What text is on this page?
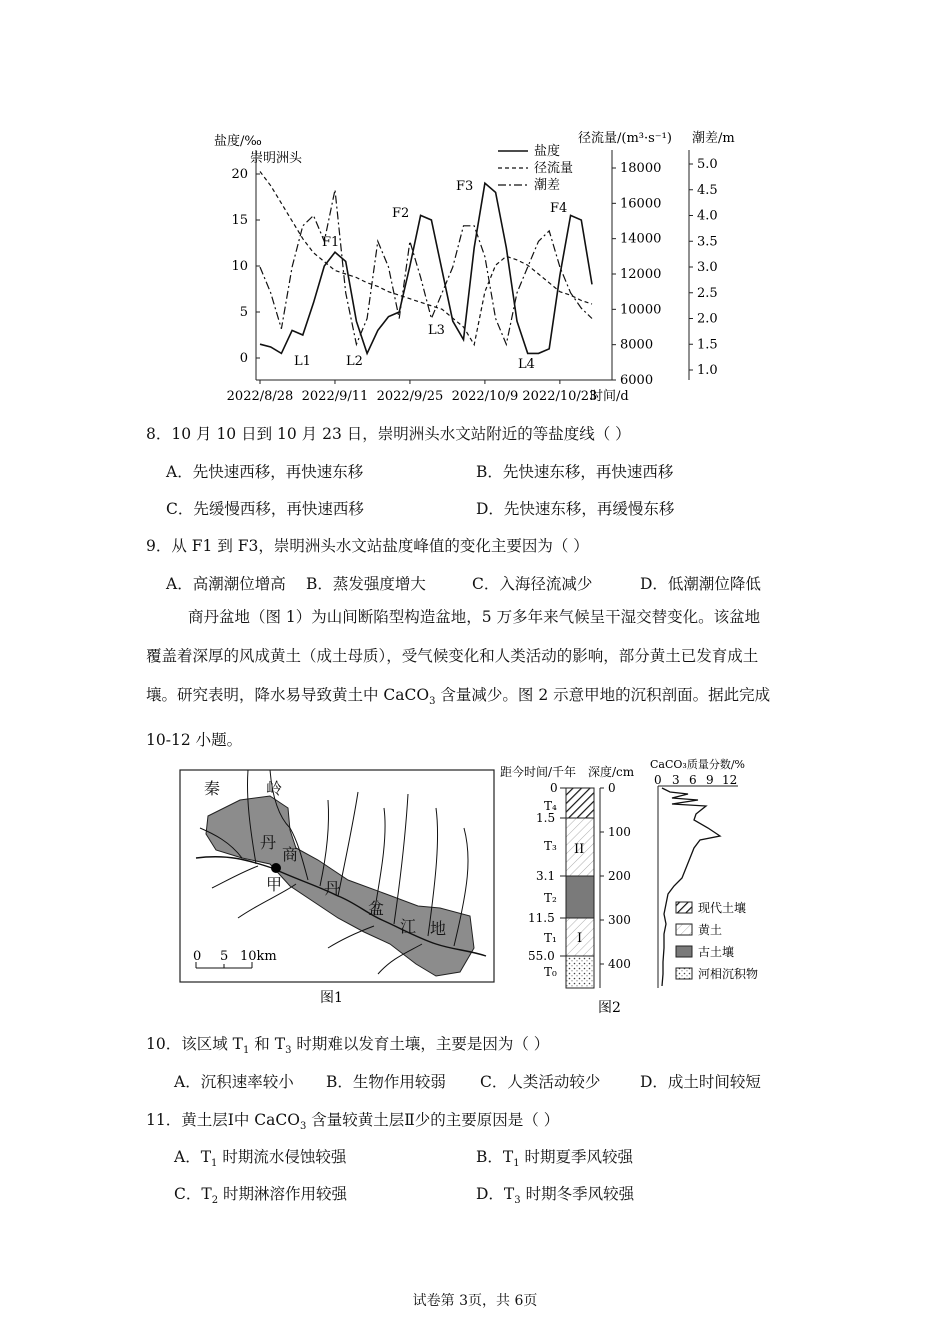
盐度/‰
崇明洲头
径流量/(m³·s⁻¹) 潮差/m
0
5
10
15
20
6000
8000
10000
12000
14000
16000
18000
1.0
1.5
2.0
2.5
3.0
3.5
4.0
4.5
5.0
2022/8/28 2022/9/11 2022/9/25 2022/10/9 2022/10/23
时间/d
盐度
径流量
潮差
F1
F2
F3
F4
L1	L2
L3
L4
8．10 月 10 日到 10 月 23 日，崇明洲头水文站附近的等盐度线（ ）
A．先快速西移，再快速东移	B．先快速东移，再快速西移
C．先缓慢西移，再快速西移	D．先快速东移，再缓慢东移
9．从 F1 到 F3，崇明洲头水文站盐度峰值的变化主要因为（ ）
A．高潮潮位增高 B．蒸发强度增大	C．入海径流减少	D．低潮潮位降低
商丹盆地（图 1）为山间断陷型构造盆地，5 万多年来气候呈干湿交替变化。该盆地
覆盖着深厚的风成黄土（成土母质），受气候变化和人类活动的影响，部分黄土已发育成土
壤。研究表明，降水易导致黄土中 CaCO$_3$ 含量减少。图 2 示意甲地的沉积剖面。据此完成
10-12 小题。
秦	岭
丹
商
甲	丹
盆
江 地
0 5 10km
图1
距今时间/千年 深度/cm
CaCO₃质量分数/%
II
I
0
1.5
3.1
11.5
55.0
T₄
T₃
T₂
T₁
T₀
0
100
200
300
400
0 3 6 9 12
现代土壤
黄土
古土壤
河相沉积物
图2
10．该区域 $T_1$ 和 $T_3$ 时期难以发育土壤，主要是因为（ ）
A．沉积速率较小 B．生物作用较弱 C．人类活动较少	D．成土时间较短
11．黄土层Ⅰ中 CaCO$_3$ 含量较黄土层Ⅱ少的主要原因是（ ）
A．$T_1$ 时期流水侵蚀较强	B．$T_1$ 时期夏季风较强
C．$T_2$ 时期淋溶作用较强	D．$T_3$ 时期冬季风较强
试卷第 3页，共 6页
